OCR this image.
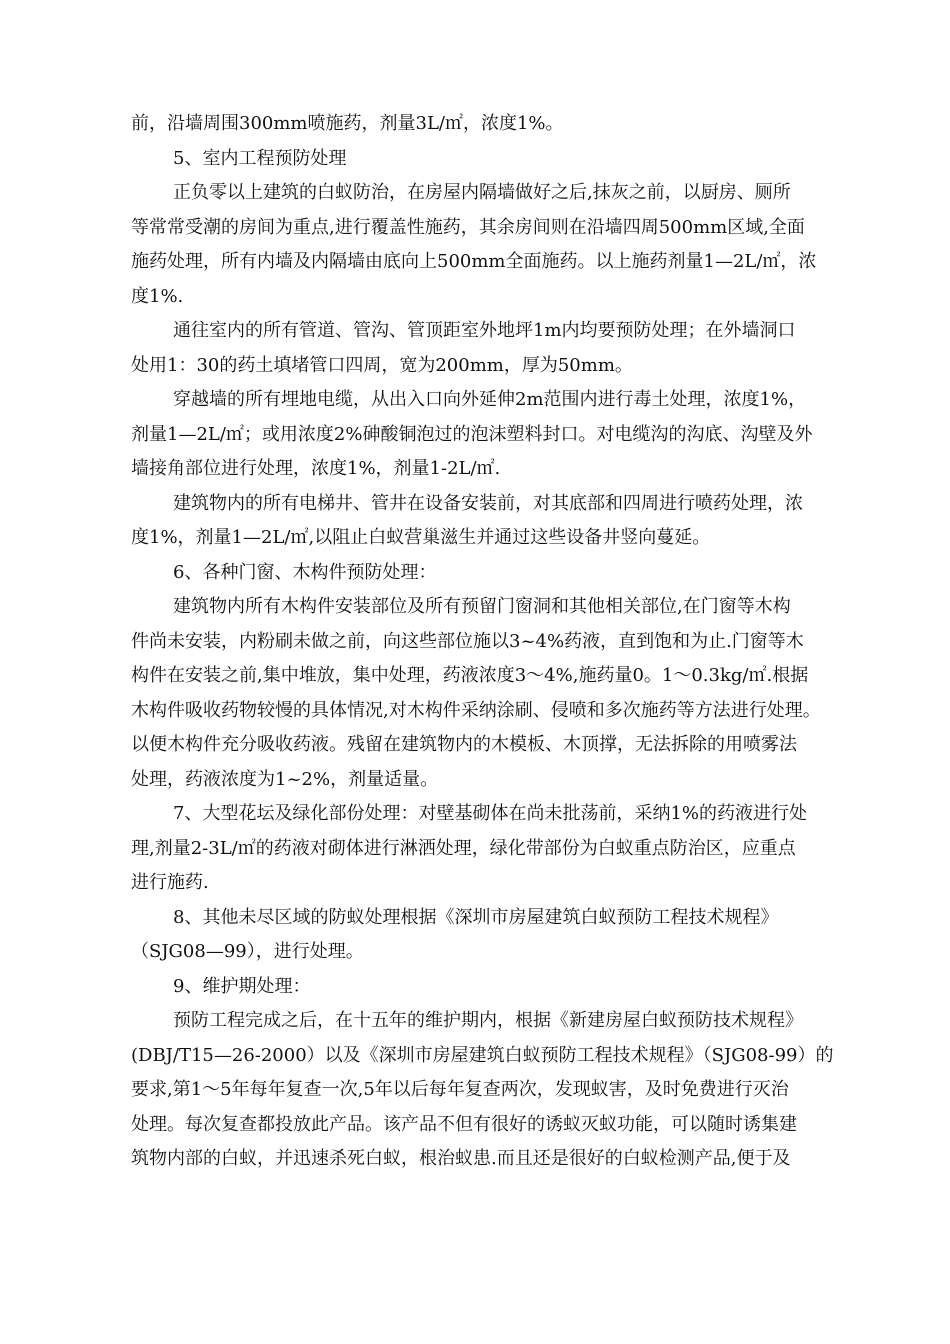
前，沿墙周围300mm喷施药，剂量3L/㎡，浓度1%。
5、室内工程预防处理
正负零以上建筑的白蚁防治，在房屋内隔墙做好之后,抹灰之前，以厨房、厕所
等常常受潮的房间为重点,进行覆盖性施药，其余房间则在沿墙四周500mm区域,全面
施药处理，所有内墙及内隔墙由底向上500mm全面施药。以上施药剂量1—2L/㎡，浓
度1%.
通往室内的所有管道、管沟、管顶距室外地坪1m内均要预防处理；在外墙洞口
处用1：30的药土填堵管口四周，宽为200mm，厚为50mm。
穿越墙的所有埋地电缆，从出入口向外延伸2m范围内进行毒土处理，浓度1%，
剂量1—2L/㎡；或用浓度2%砷酸铜泡过的泡沫塑料封口。对电缆沟的沟底、沟壁及外
墙接角部位进行处理，浓度1%，剂量1-2L/㎡.
建筑物内的所有电梯井、管井在设备安装前，对其底部和四周进行喷药处理，浓
度1%，剂量1—2L/㎡,以阻止白蚁营巢滋生并通过这些设备井竖向蔓延。
6、各种门窗、木构件预防处理：
建筑物内所有木构件安装部位及所有预留门窗洞和其他相关部位,在门窗等木构
件尚未安装，内粉刷未做之前，向这些部位施以3~4%药液，直到饱和为止.门窗等木
构件在安装之前,集中堆放，集中处理，药液浓度3～4%,施药量0。1～0.3kg/㎡.根据
木构件吸收药物较慢的具体情况,对木构件采纳涂刷、侵喷和多次施药等方法进行处理。
以便木构件充分吸收药液。残留在建筑物内的木模板、木顶撑，无法拆除的用喷雾法
处理，药液浓度为1~2%，剂量适量。
7、大型花坛及绿化部份处理：对壁基砌体在尚未批荡前，采纳1%的药液进行处
理,剂量2-3L/㎡的药液对砌体进行淋洒处理，绿化带部份为白蚁重点防治区，应重点
进行施药.
8、其他未尽区域的防蚁处理根据《深圳市房屋建筑白蚁预防工程技术规程》
（SJG08—99），进行处理。
9、维护期处理：
预防工程完成之后，在十五年的维护期内，根据《新建房屋白蚁预防技术规程》
(DBJ/T15—26-2000）以及《深圳市房屋建筑白蚁预防工程技术规程》（SJG08-99）的
要求,第1～5年每年复查一次,5年以后每年复查两次，发现蚁害，及时免费进行灭治
处理。每次复查都投放此产品。该产品不但有很好的诱蚁灭蚁功能，可以随时诱集建
筑物内部的白蚁，并迅速杀死白蚁，根治蚁患.而且还是很好的白蚁检测产品,便于及
